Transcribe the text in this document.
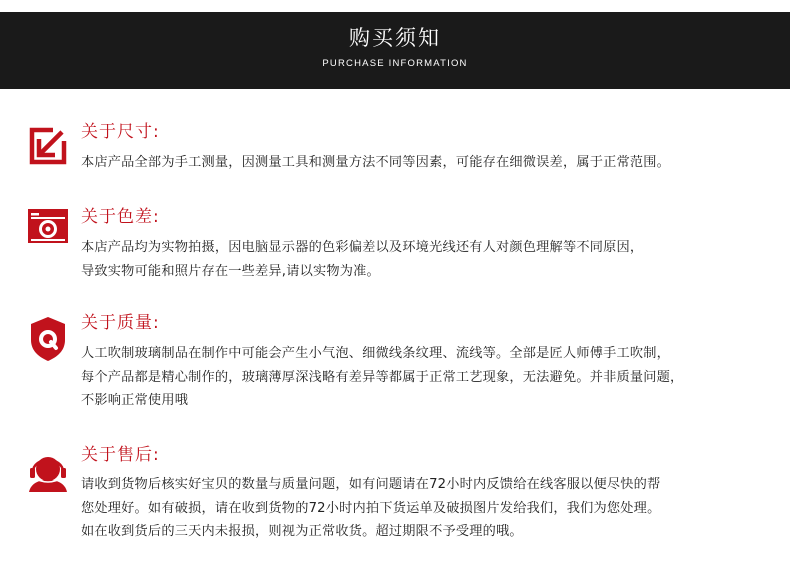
购买须知
PURCHASE INFORMATION
关于尺寸:
本店产品全部为手工测量，因测量工具和测量方法不同等因素，可能存在细微误差，属于正常范围。
关于色差:
本店产品均为实物拍摄，因电脑显示器的色彩偏差以及环境光线还有人对颜色理解等不同原因，
导致实物可能和照片存在一些差异,请以实物为准。
关于质量:
人工吹制玻璃制品在制作中可能会产生小气泡、细微线条纹理、流线等。全部是匠人师傅手工吹制，
每个产品都是精心制作的，玻璃薄厚深浅略有差异等都属于正常工艺现象，无法避免。并非质量问题，
不影响正常使用哦
关于售后:
请收到货物后核实好宝贝的数量与质量问题，如有问题请在72小时内反馈给在线客服以便尽快的帮
您处理好。如有破损，请在收到货物的72小时内拍下货运单及破损图片发给我们，我们为您处理。
如在收到货后的三天内未报损，则视为正常收货。超过期限不予受理的哦。
